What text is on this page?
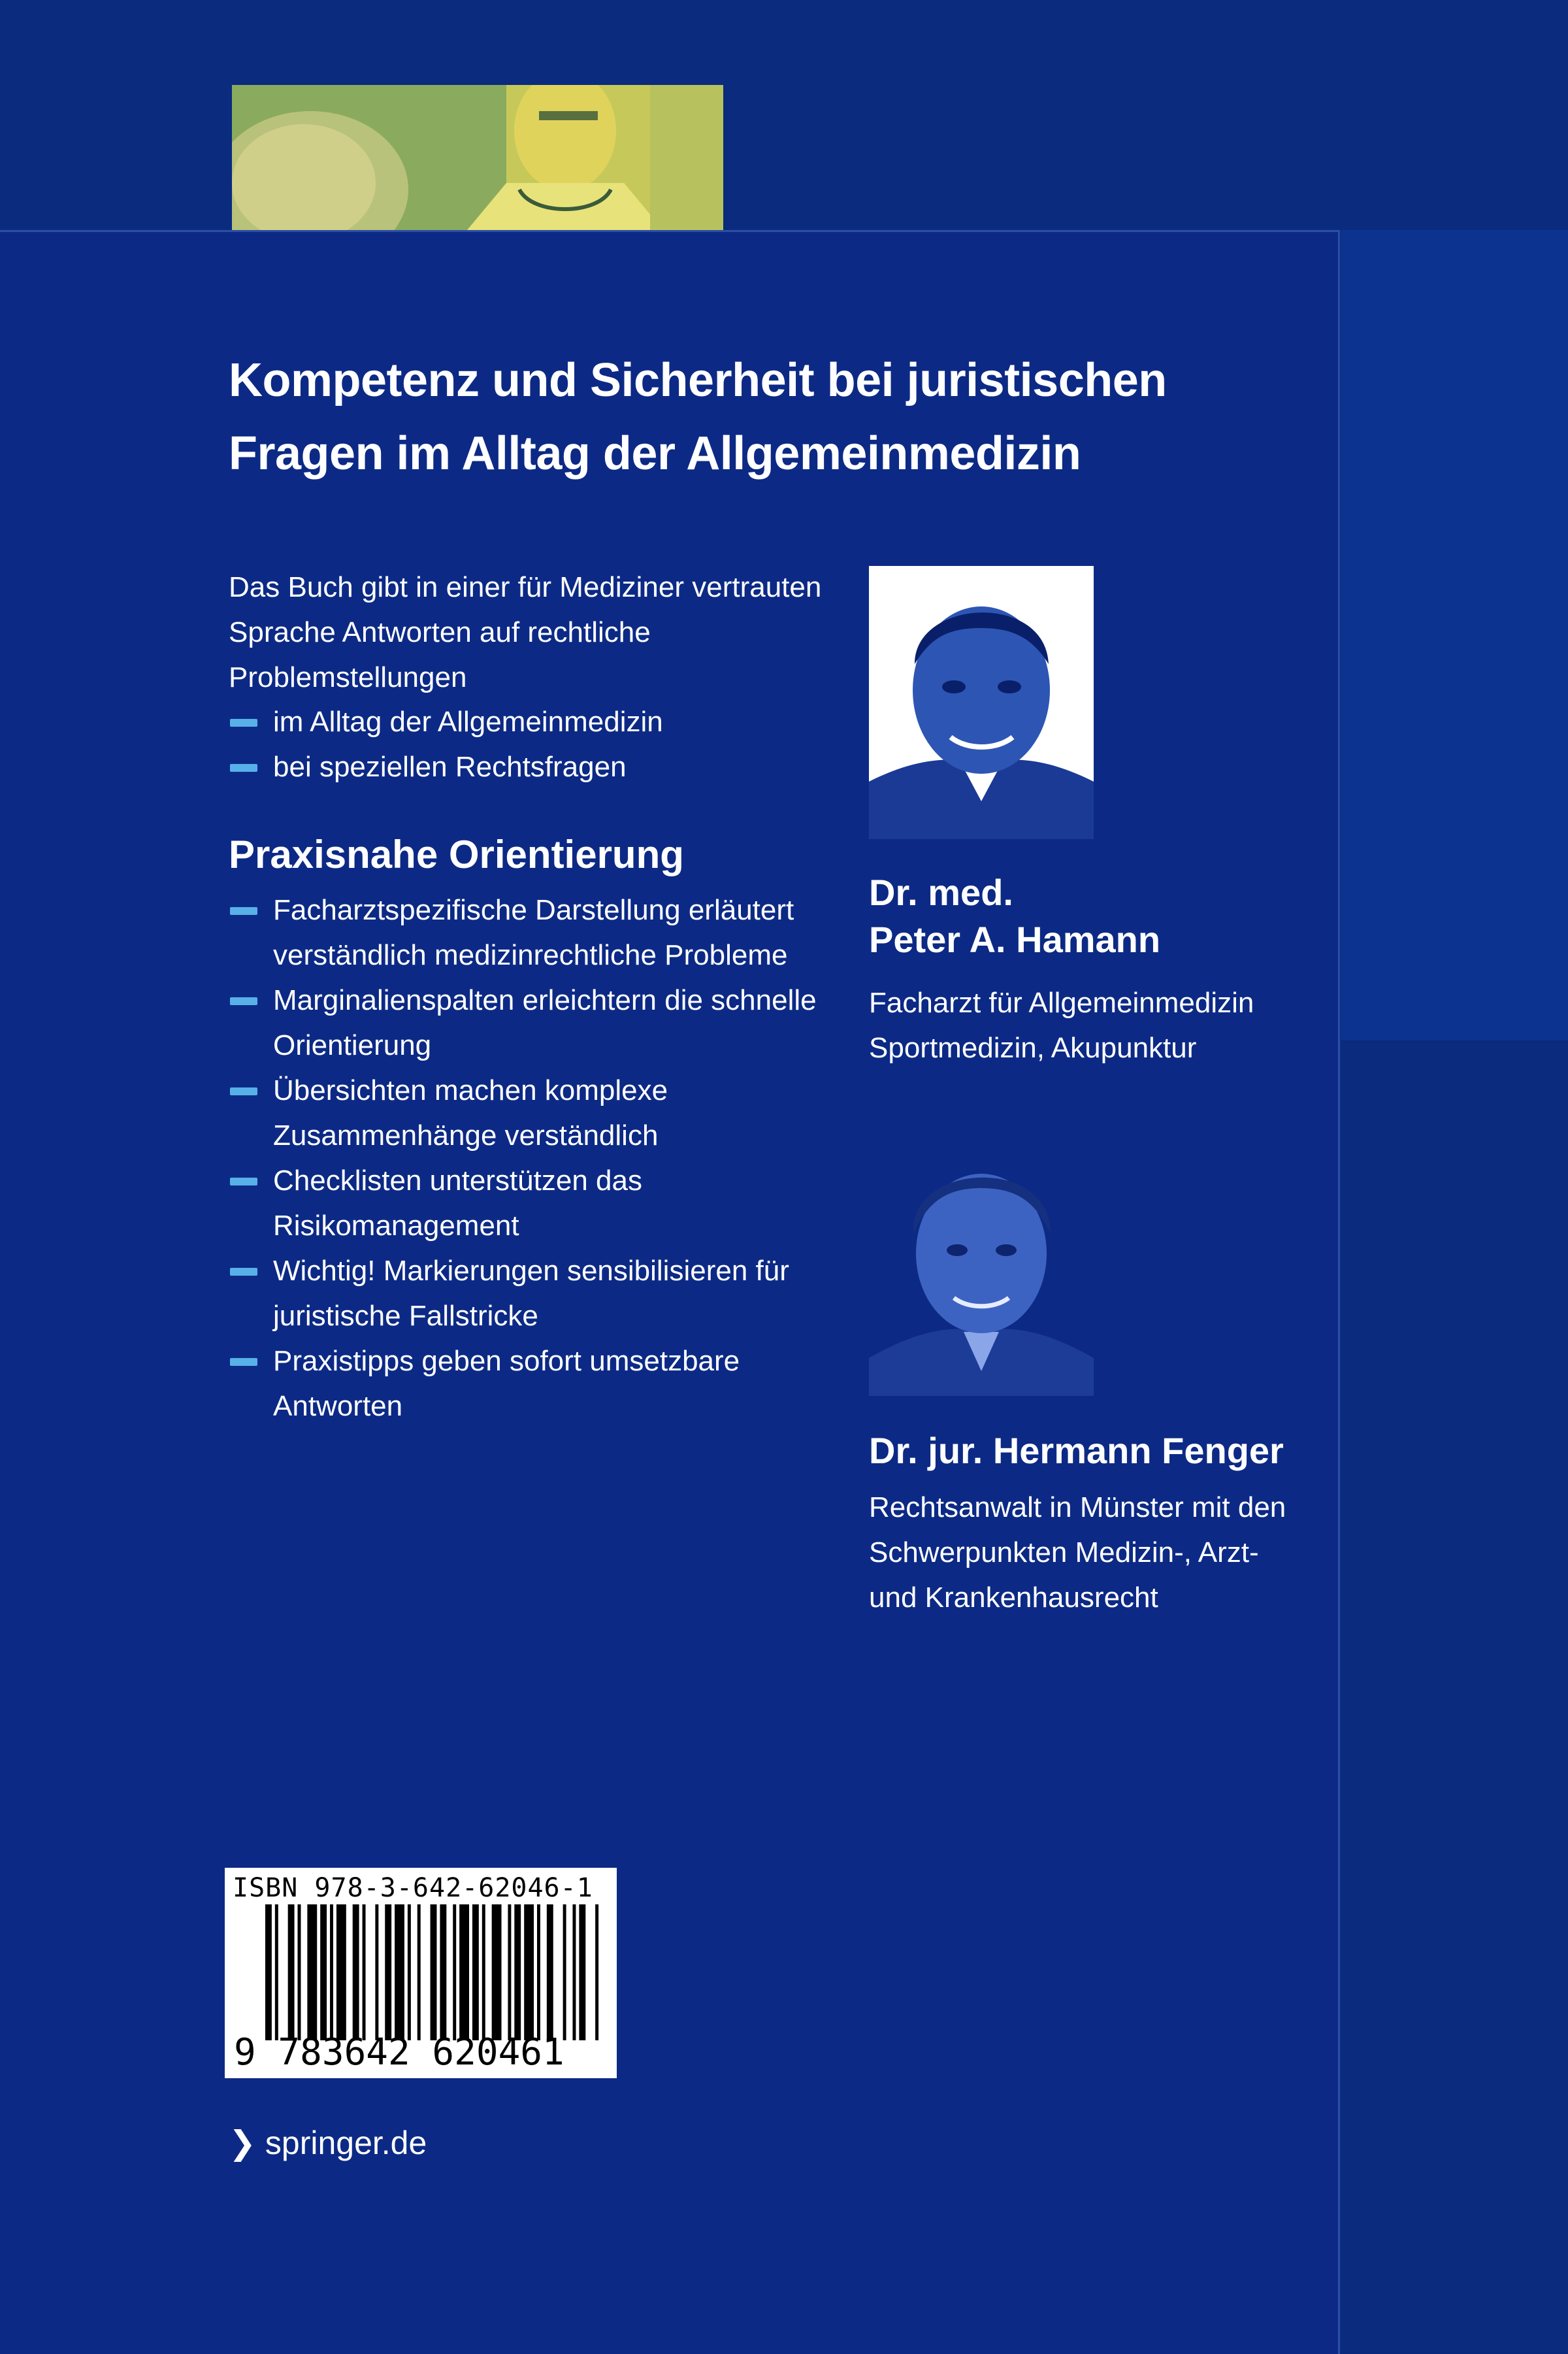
Kompetenz und Sicherheit bei juristischen
Fragen im Alltag der Allgemeinmedizin
Das Buch gibt in einer für Mediziner vertrauten
Sprache Antworten auf rechtliche
Problemstellungen
im Alltag der Allgemeinmedizin
bei speziellen Rechtsfragen
Praxisnahe Orientierung
Facharztspezifische Darstellung erläutert
verständlich medizinrechtliche Probleme
Marginalienspalten erleichtern die schnelle
Orientierung
Übersichten machen komplexe
Zusammenhänge verständlich
Checklisten unterstützen das
Risikomanagement
Wichtig! Markierungen sensibilisieren für
juristische Fallstricke
Praxistipps geben sofort umsetzbare
Antworten
Dr. med.
Peter A. Hamann
Facharzt für Allgemeinmedizin
Sportmedizin, Akupunktur
Dr. jur. Hermann Fenger
Rechtsanwalt in Münster mit den
Schwerpunkten Medizin-, Arzt-
und Krankenhausrecht
ISBN 978-3-642-62046-1
9 783642 620461
❯ springer.de
